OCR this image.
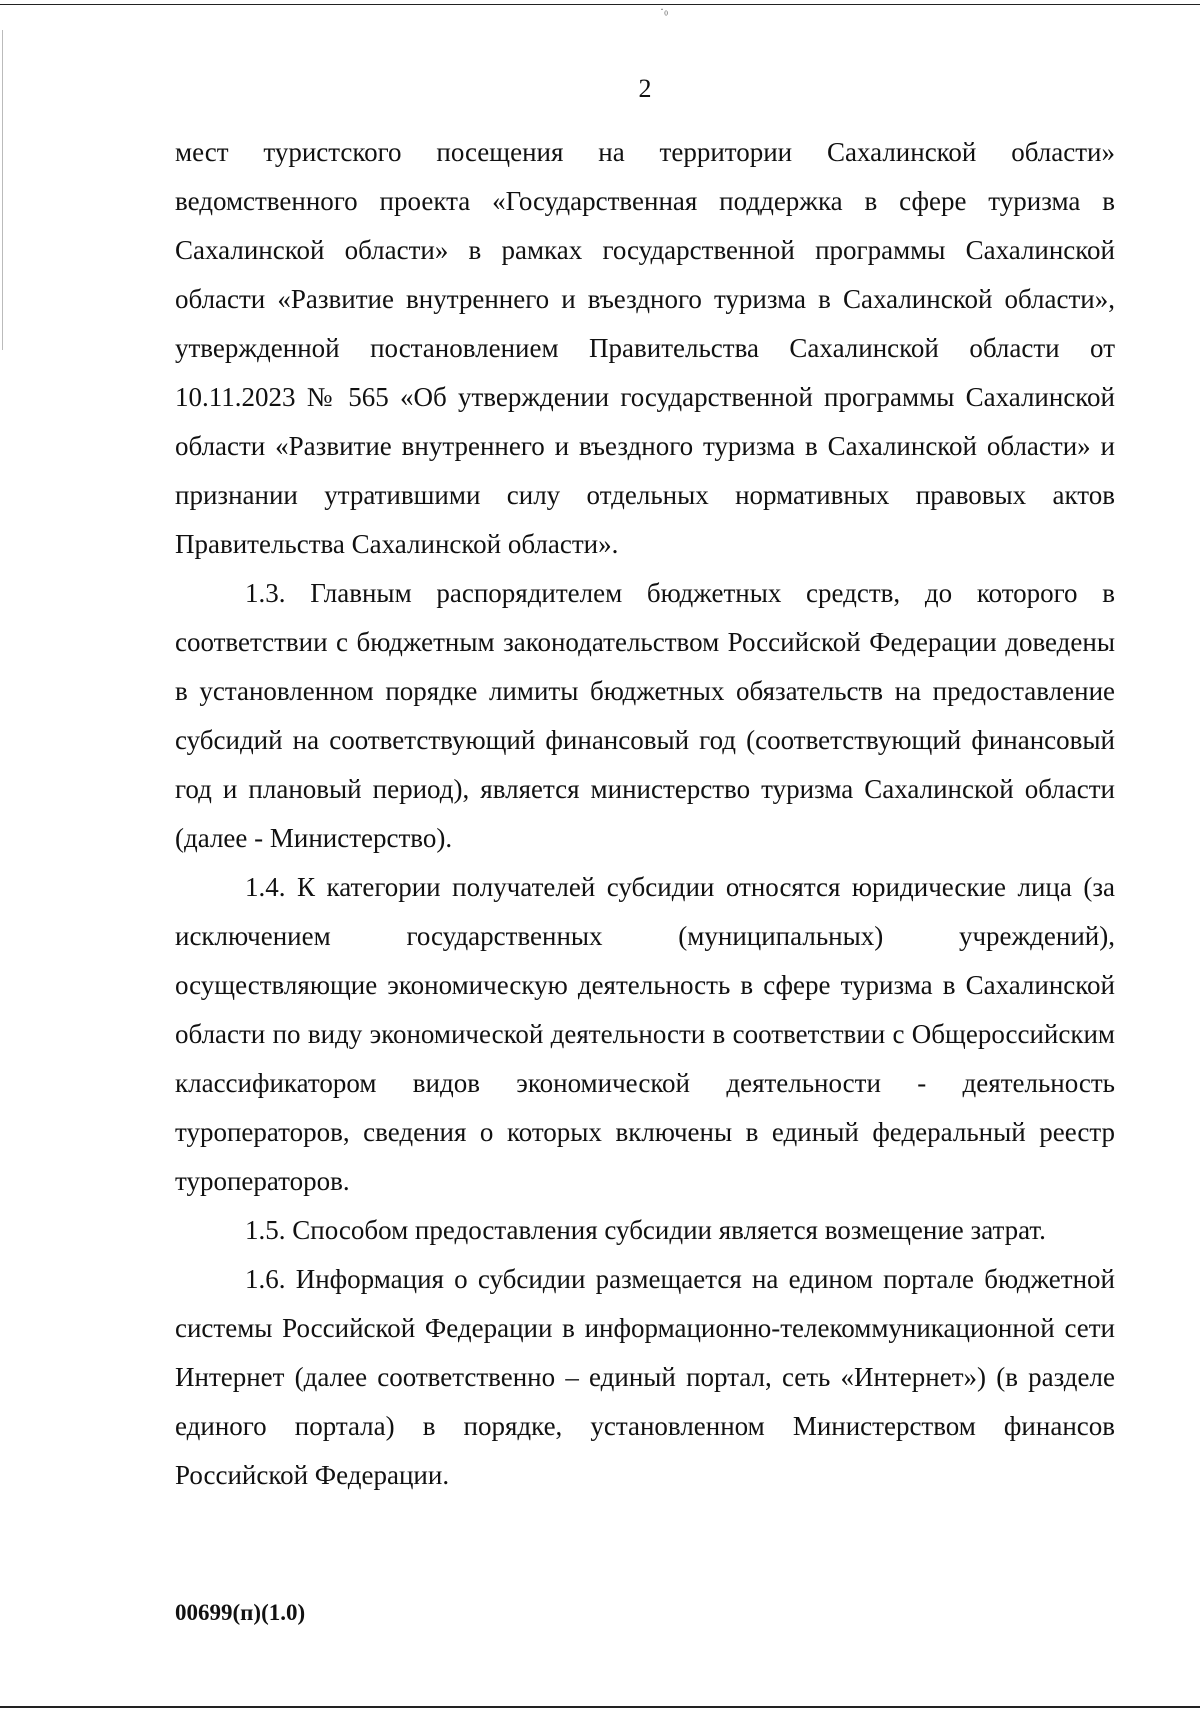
·₀
2

мест туристского посещения на территории Сахалинской области» ведомственного проекта «Государственная поддержка в сфере туризма в Сахалинской области» в рамках государственной программы Сахалинской области «Развитие внутреннего и въездного туризма в Сахалинской области», утвержденной постановлением Правительства Сахалинской области от 10.11.2023 № 565 «Об утверждении государственной программы Сахалинской области «Развитие внутреннего и въездного туризма в Сахалинской области» и признании утратившими силу отдельных нормативных правовых актов Правительства Сахалинской области».

1.3. Главным распорядителем бюджетных средств, до которого в соответствии с бюджетным законодательством Российской Федерации доведены в установленном порядке лимиты бюджетных обязательств на предоставление субсидий на соответствующий финансовый год (соответствующий финансовый год и плановый период), является министерство туризма Сахалинской области (далее - Министерство).

1.4. К категории получателей субсидии относятся юридические лица (за исключением государственных (муниципальных) учреждений), осуществляющие экономическую деятельность в сфере туризма в Сахалинской области по виду экономической деятельности в соответствии с Общероссийским классификатором видов экономической деятельности - деятельность туроператоров, сведения о которых включены в единый федеральный реестр туроператоров.

1.5. Способом предоставления субсидии является возмещение затрат.

1.6. Информация о субсидии размещается на едином портале бюджетной системы Российской Федерации в информационно-телекоммуникационной сети Интернет (далее соответственно – единый портал, сеть «Интернет») (в разделе единого портала) в порядке, установленном Министерством финансов Российской Федерации.

00699(п)(1.0)
